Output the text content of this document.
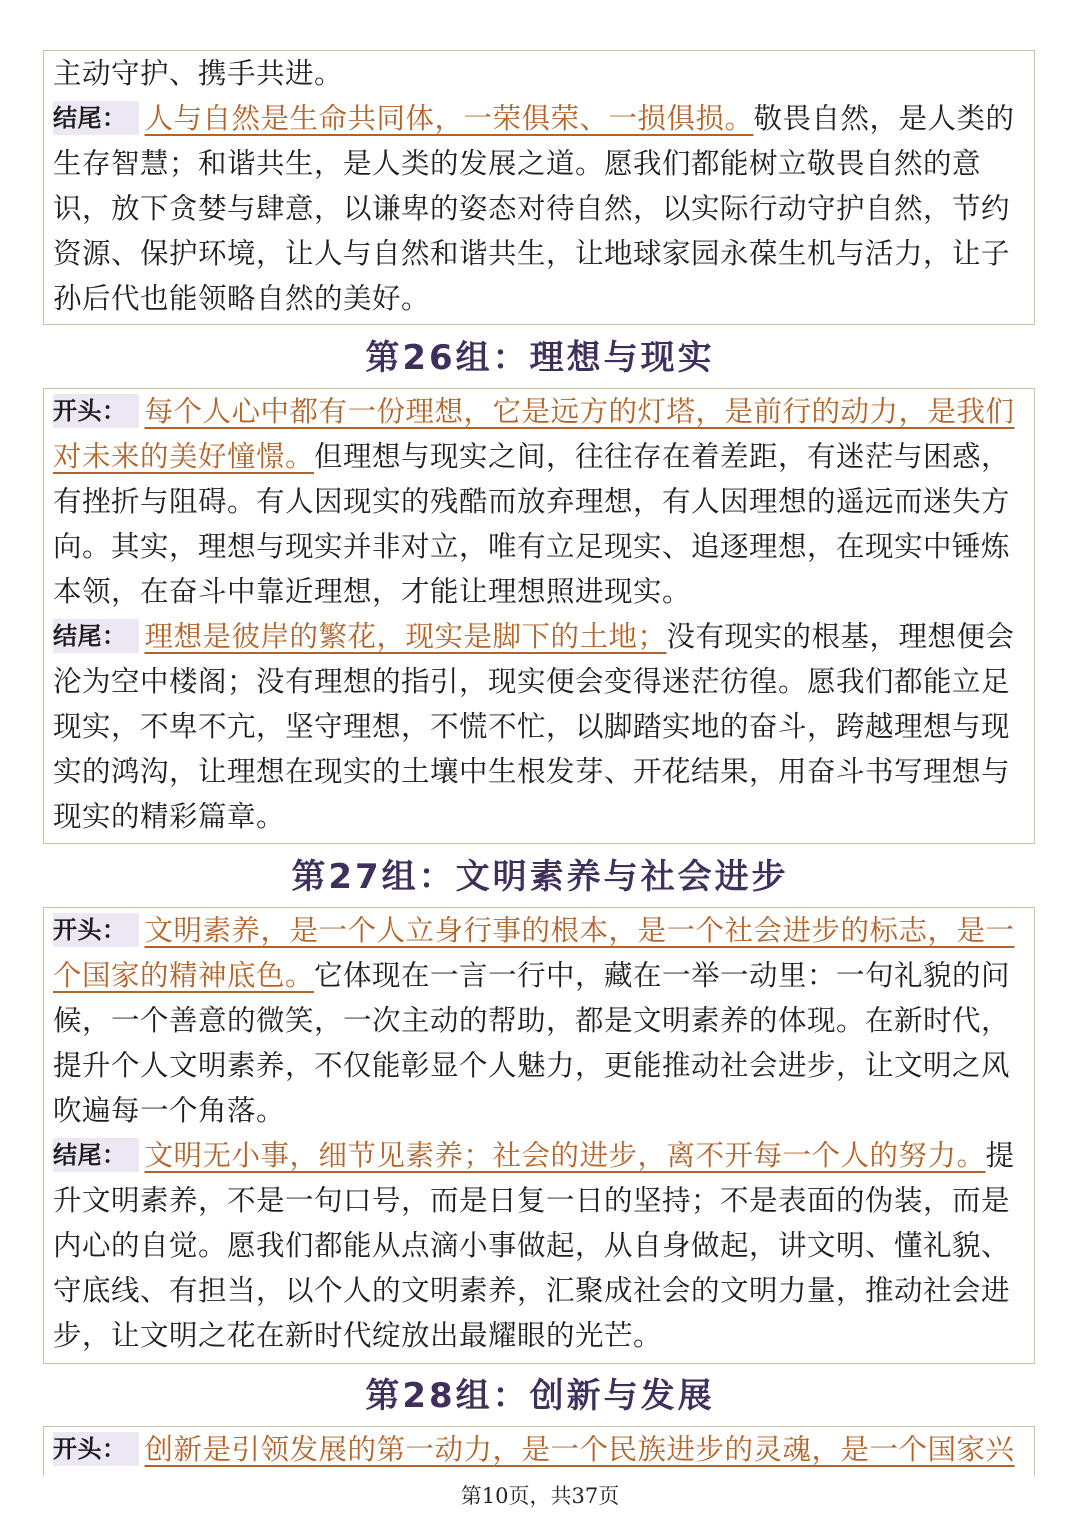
主动守护、携手共进。
结尾： 人与自然是生命共同体，一荣俱荣、一损俱损。敬畏自然，是人类的
生存智慧；和谐共生，是人类的发展之道。愿我们都能树立敬畏自然的意
识，放下贪婪与肆意，以谦卑的姿态对待自然，以实际行动守护自然，节约
资源、保护环境，让人与自然和谐共生，让地球家园永葆生机与活力，让子
孙后代也能领略自然的美好。
第26组：理想与现实
开头： 每个人心中都有一份理想，它是远方的灯塔，是前行的动力，是我们
对未来的美好憧憬。但理想与现实之间，往往存在着差距，有迷茫与困惑，
有挫折与阻碍。有人因现实的残酷而放弃理想，有人因理想的遥远而迷失方
向。其实，理想与现实并非对立，唯有立足现实、追逐理想，在现实中锤炼
本领，在奋斗中靠近理想，才能让理想照进现实。
结尾： 理想是彼岸的繁花，现实是脚下的土地；没有现实的根基，理想便会
沦为空中楼阁；没有理想的指引，现实便会变得迷茫彷徨。愿我们都能立足
现实，不卑不亢，坚守理想，不慌不忙，以脚踏实地的奋斗，跨越理想与现
实的鸿沟，让理想在现实的土壤中生根发芽、开花结果，用奋斗书写理想与
现实的精彩篇章。
第27组：文明素养与社会进步
开头： 文明素养，是一个人立身行事的根本，是一个社会进步的标志，是一
个国家的精神底色。它体现在一言一行中，藏在一举一动里：一句礼貌的问
候，一个善意的微笑，一次主动的帮助，都是文明素养的体现。在新时代，
提升个人文明素养，不仅能彰显个人魅力，更能推动社会进步，让文明之风
吹遍每一个角落。
结尾： 文明无小事，细节见素养；社会的进步，离不开每一个人的努力。提
升文明素养，不是一句口号，而是日复一日的坚持；不是表面的伪装，而是
内心的自觉。愿我们都能从点滴小事做起，从自身做起，讲文明、懂礼貌、
守底线、有担当，以个人的文明素养，汇聚成社会的文明力量，推动社会进
步，让文明之花在新时代绽放出最耀眼的光芒。
第28组：创新与发展
开头： 创新是引领发展的第一动力，是一个民族进步的灵魂，是一个国家兴
第10页，共37页
